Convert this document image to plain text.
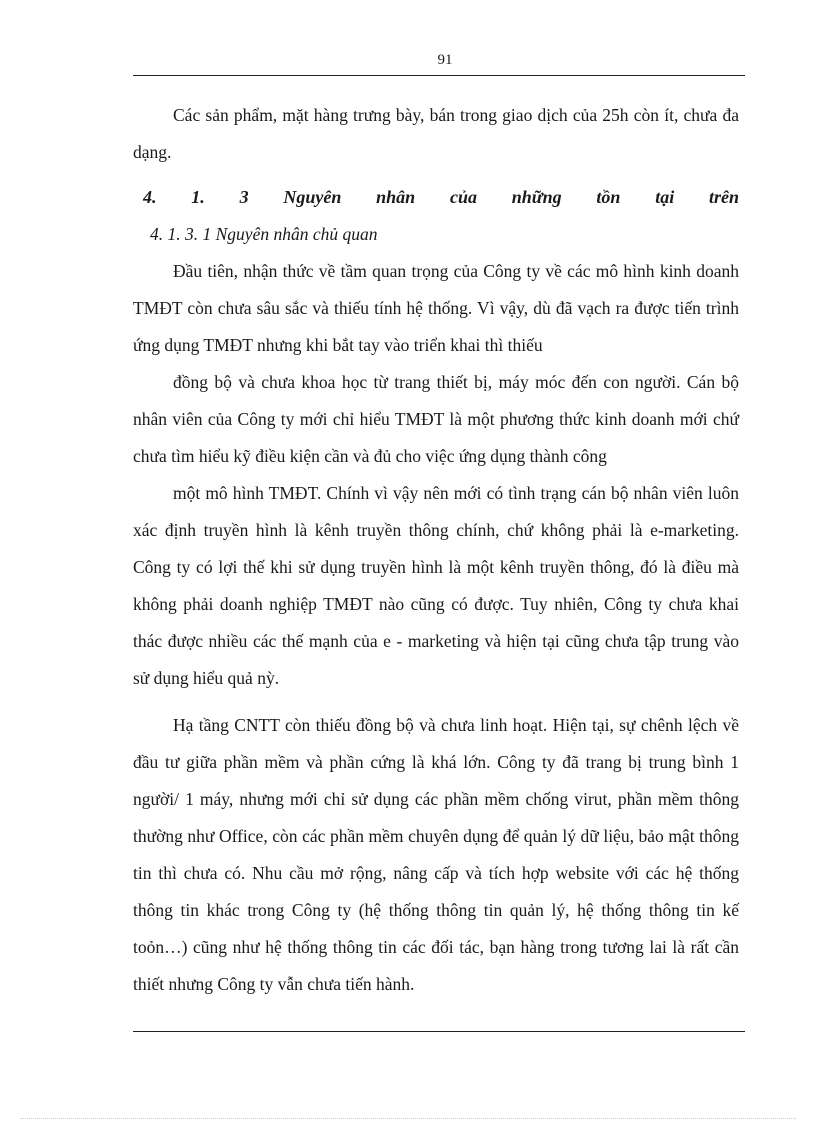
91

Các sản phẩm, mặt hàng trưng bày, bán trong giao dịch của 25h còn ít, chưa đa dạng.

4. 1. 3 Nguyên nhân của những tồn tại trên

4. 1. 3. 1 Nguyên nhân chủ quan

Đầu tiên, nhận thức về tầm quan trọng của Công ty về các mô hình kinh doanh TMĐT còn chưa sâu sắc và thiếu tính hệ thống. Vì vậy, dù đã vạch ra được tiến trình ứng dụng TMĐT nhưng khi bắt tay vào triển khai thì thiếu

đồng bộ và chưa khoa học từ trang thiết bị, máy móc đến con người. Cán bộ nhân viên của Công ty mới chỉ hiểu TMĐT là một phương thức kinh doanh mới chứ chưa tìm hiểu kỹ điều kiện cần và đủ cho việc ứng dụng thành công

một mô hình TMĐT. Chính vì vậy nên mới có tình trạng cán bộ nhân viên luôn xác định truyền hình là kênh truyền thông chính, chứ không phải là e-marketing. Công ty có lợi thế khi sử dụng truyền hình là một kênh truyền thông, đó là điều mà không phải doanh nghiệp TMĐT nào cũng có được. Tuy nhiên, Công ty chưa khai thác được nhiều các thế mạnh của e - marketing và hiện tại cũng chưa tập trung vào sử dụng hiểu quả nỳ.

Hạ tầng CNTT còn thiếu đồng bộ và chưa linh hoạt. Hiện tại, sự chênh lệch về đầu tư giữa phần mềm và phần cứng là khá lớn. Công ty đã trang bị trung bình 1 người/ 1 máy, nhưng mới chỉ sử dụng các phần mềm chống virut, phần mềm thông thường như Office, còn các phần mềm chuyên dụng để quản lý dữ liệu, bảo mật thông tin thì chưa có. Nhu cầu mở rộng, nâng cấp và tích hợp website với các hệ thống thông tin khác trong Công ty (hệ thống thông tin quản lý, hệ thống thông tin kế toỏn…) cũng như hệ thống thông tin các đối tác, bạn hàng trong tương lai là rất cần thiết nhưng Công ty vẫn chưa tiến hành.
